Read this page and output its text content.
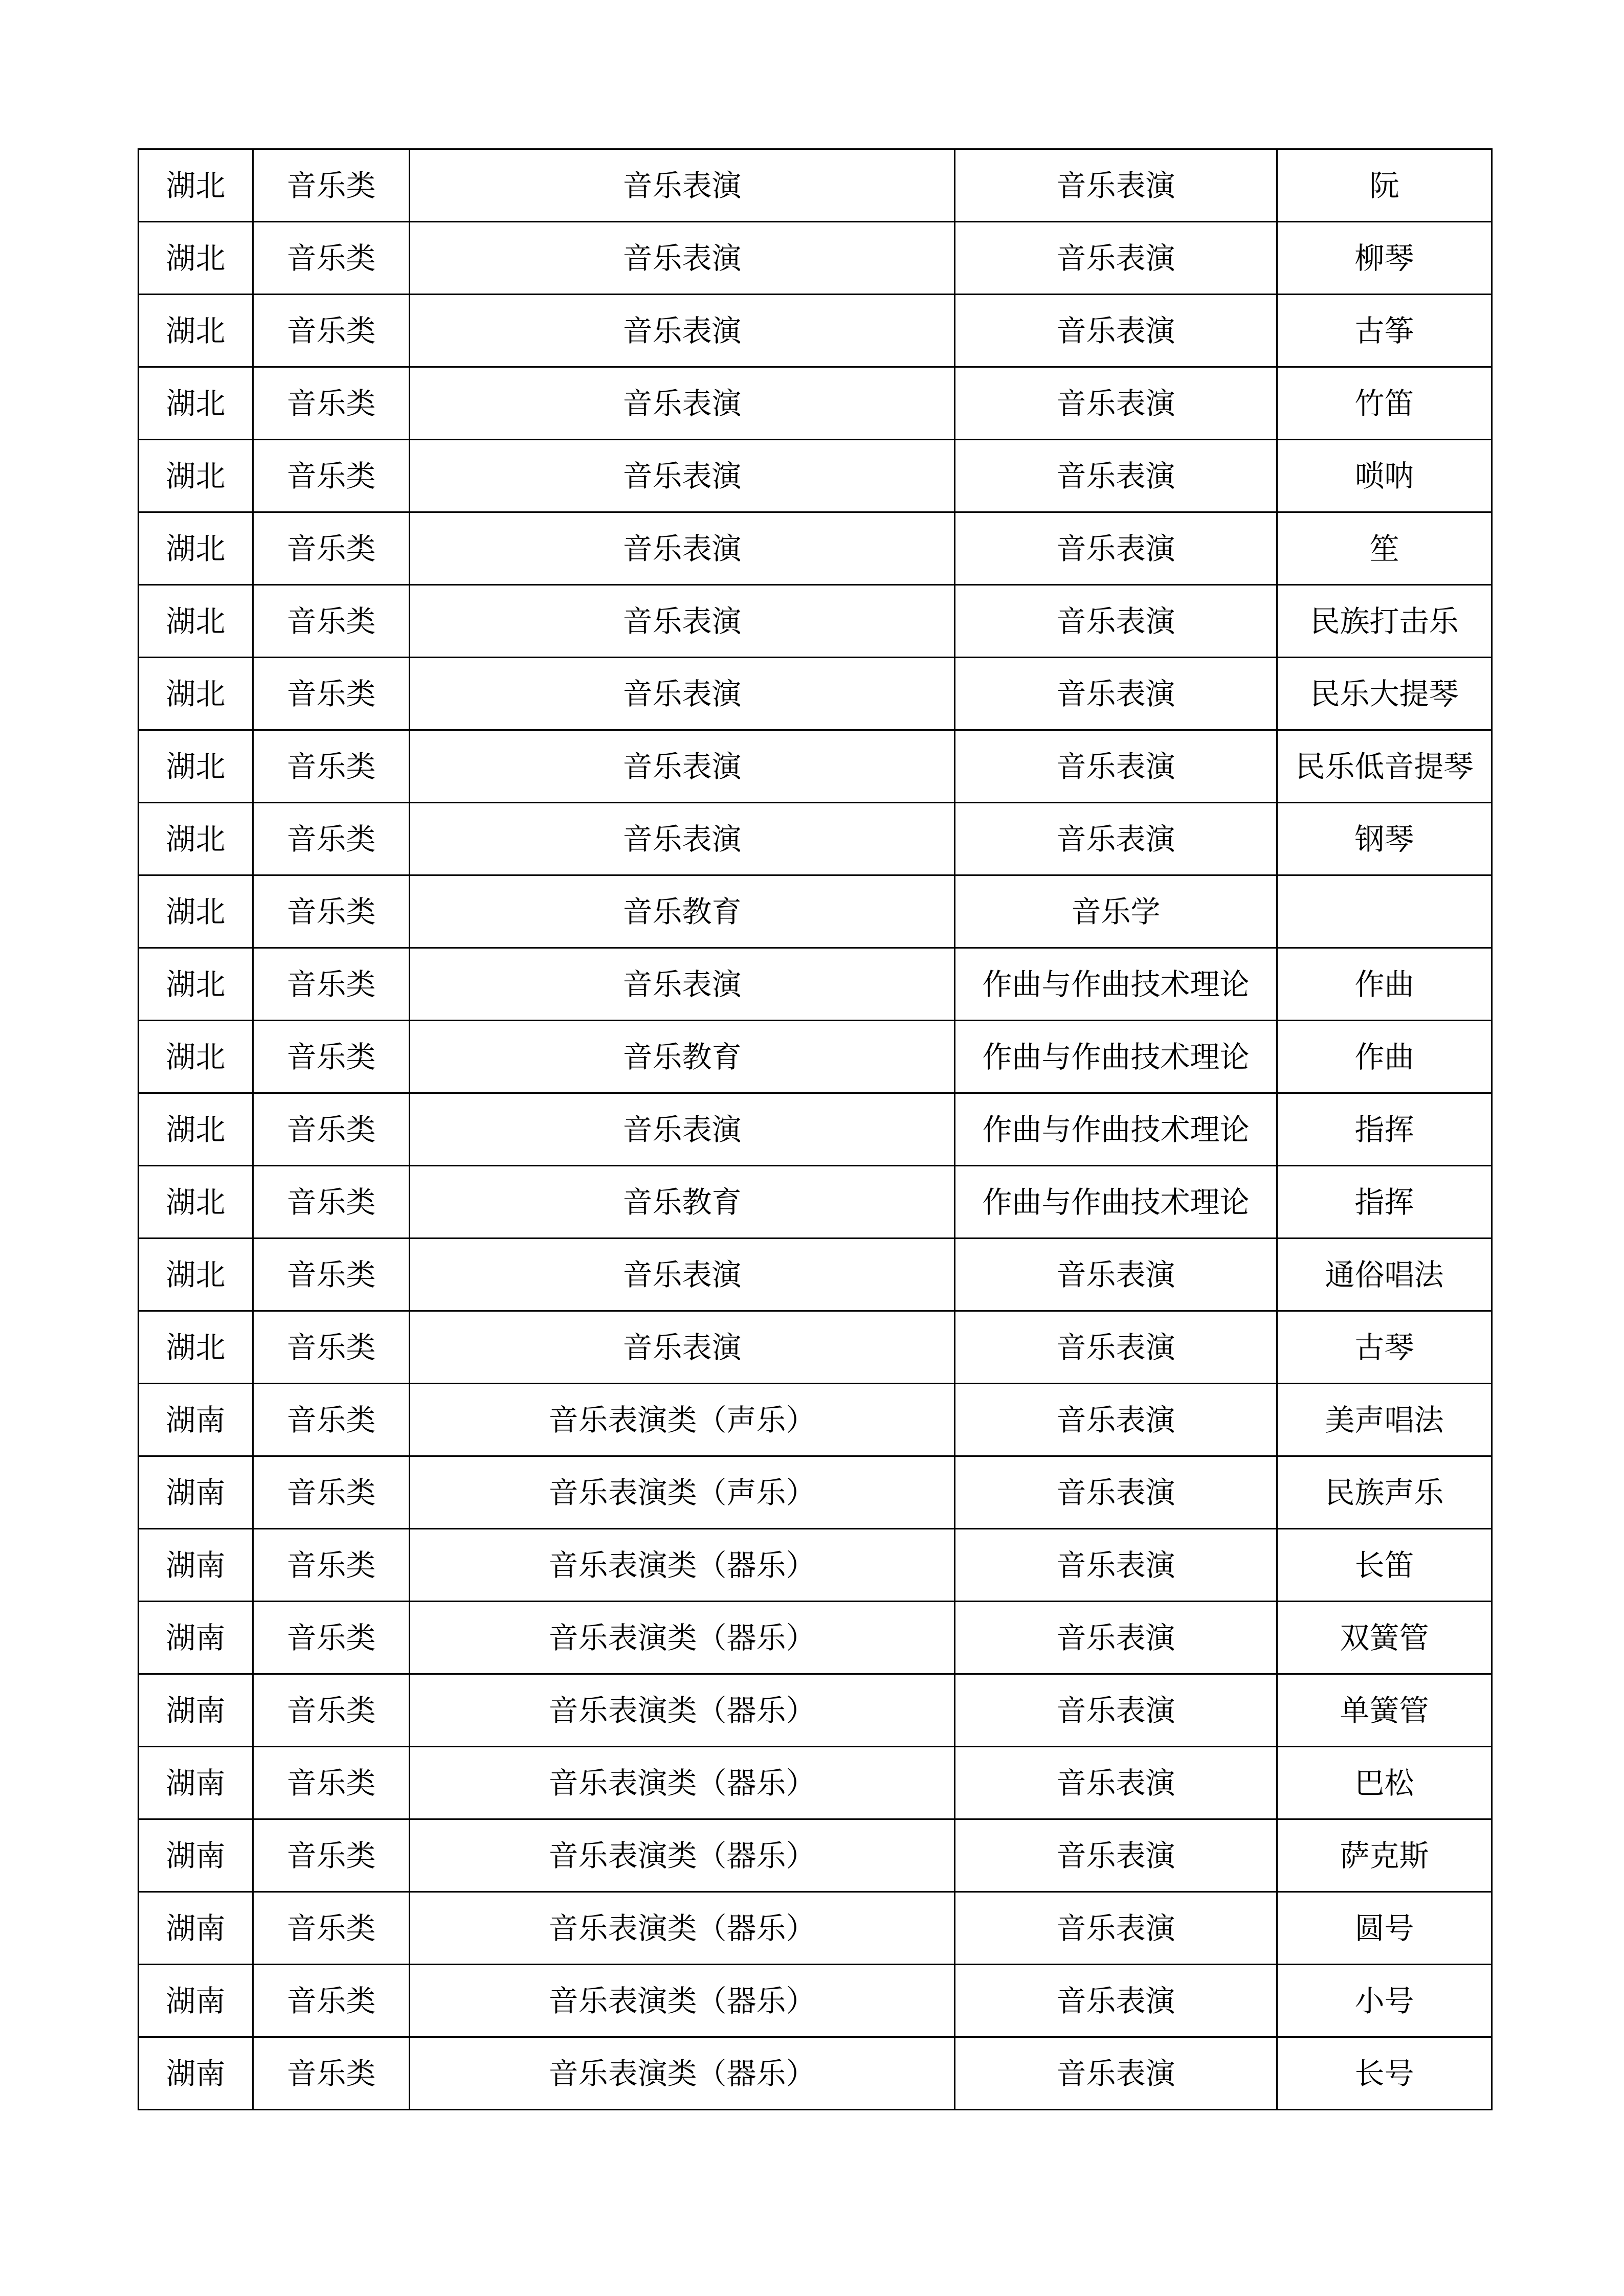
湖北	音乐类	音乐表演	音乐表演	阮
湖北	音乐类	音乐表演	音乐表演	柳琴
湖北	音乐类	音乐表演	音乐表演	古筝
湖北	音乐类	音乐表演	音乐表演	竹笛
湖北	音乐类	音乐表演	音乐表演	唢呐
湖北	音乐类	音乐表演	音乐表演	笙
湖北	音乐类	音乐表演	音乐表演	民族打击乐
湖北	音乐类	音乐表演	音乐表演	民乐大提琴
湖北	音乐类	音乐表演	音乐表演	民乐低音提琴
湖北	音乐类	音乐表演	音乐表演	钢琴
湖北	音乐类	音乐教育	音乐学	
湖北	音乐类	音乐表演	作曲与作曲技术理论	作曲
湖北	音乐类	音乐教育	作曲与作曲技术理论	作曲
湖北	音乐类	音乐表演	作曲与作曲技术理论	指挥
湖北	音乐类	音乐教育	作曲与作曲技术理论	指挥
湖北	音乐类	音乐表演	音乐表演	通俗唱法
湖北	音乐类	音乐表演	音乐表演	古琴
湖南	音乐类	音乐表演类（声乐）	音乐表演	美声唱法
湖南	音乐类	音乐表演类（声乐）	音乐表演	民族声乐
湖南	音乐类	音乐表演类（器乐）	音乐表演	长笛
湖南	音乐类	音乐表演类（器乐）	音乐表演	双簧管
湖南	音乐类	音乐表演类（器乐）	音乐表演	单簧管
湖南	音乐类	音乐表演类（器乐）	音乐表演	巴松
湖南	音乐类	音乐表演类（器乐）	音乐表演	萨克斯
湖南	音乐类	音乐表演类（器乐）	音乐表演	圆号
湖南	音乐类	音乐表演类（器乐）	音乐表演	小号
湖南	音乐类	音乐表演类（器乐）	音乐表演	长号
